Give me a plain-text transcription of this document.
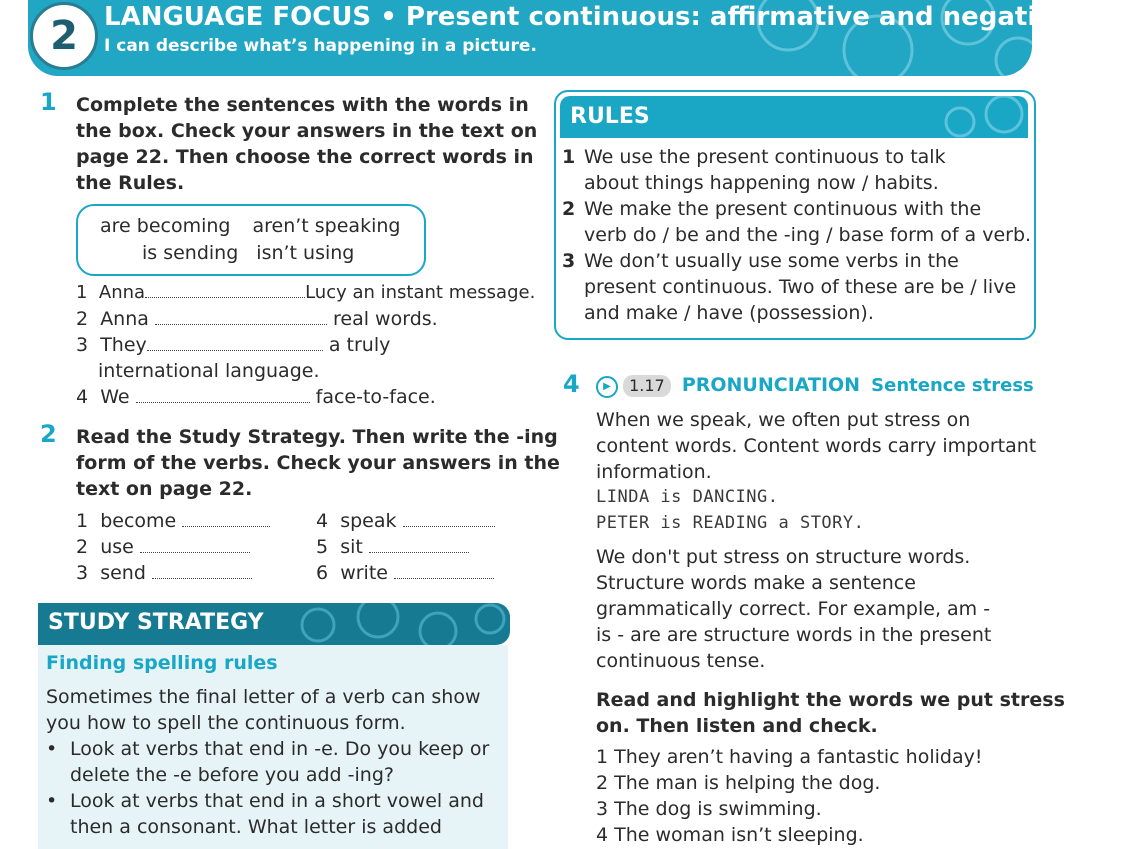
2	LANGUAGE FOCUS • Present continuous: affirmative and negative
I can describe what’s happening in a picture.
1 Complete the sentences with the words in
the box. Check your answers in the text on
page 22. Then choose the correct words in
the Rules.
are becoming aren’t speaking
is sending isn’t using
1 Anna	Lucy an instant message.
2 Anna	real words.
3 They	a truly
international language.
4 We	face-to-face.
2 Read the Study Strategy. Then write the -ing
form of the verbs. Check your answers in the
text on page 22.
1 become
2 use
3 send
4 speak
5 sit
6 write
STUDY STRATEGY
Finding spelling rules
Sometimes the final letter of a verb can show
you how to spell the continuous form.
• Look at verbs that end in -e. Do you keep or
delete the -e before you add -ing?
• Look at verbs that end in a short vowel and
then a consonant. What letter is added
RULES
1 We use the present continuous to talk
about things happening now / habits.
2 We make the present continuous with the
verb do / be and the -ing / base form of a verb.
3 We don’t usually use some verbs in the
present continuous. Two of these are be / live
and make / have (possession).
4	▶ 1.17 PRONUNCIATION Sentence stress
When we speak, we often put stress on
content words. Content words carry important
information.
LINDA is DANCING.
PETER is READING a STORY.
We don't put stress on structure words.
Structure words make a sentence
grammatically correct. For example, am -
is - are are structure words in the present
continuous tense.
Read and highlight the words we put stress
on. Then listen and check.
1 They aren’t having a fantastic holiday!
2 The man is helping the dog.
3 The dog is swimming.
4 The woman isn’t sleeping.
